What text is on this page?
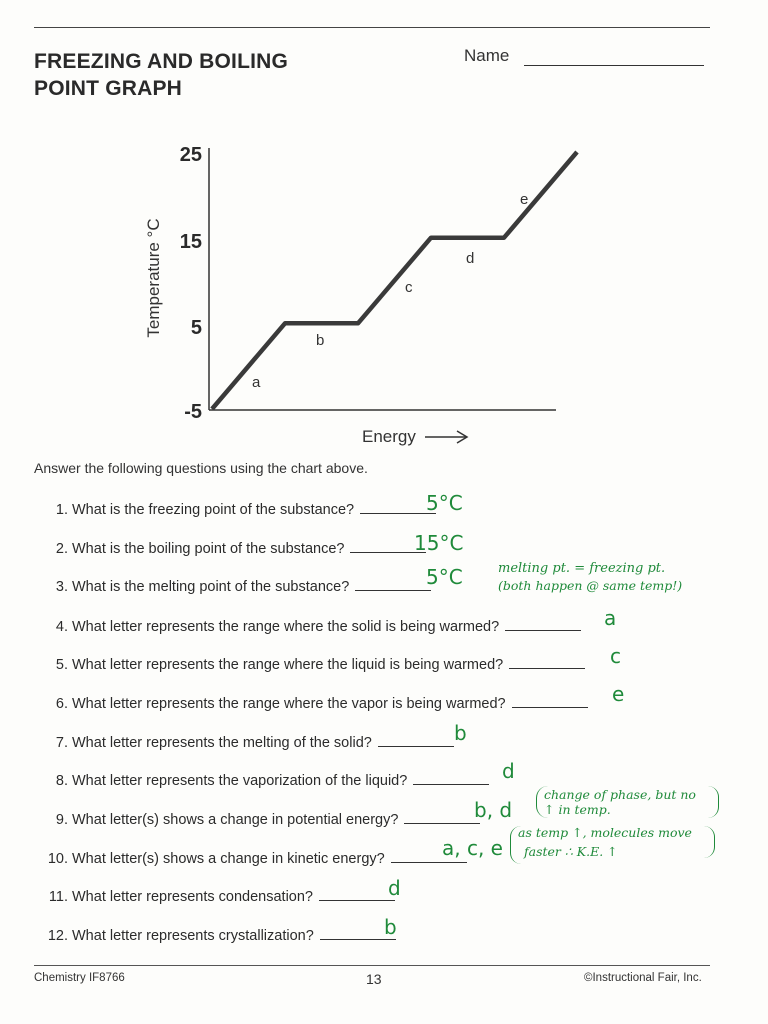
FREEZING AND BOILING
POINT GRAPH
Name
25
15
5
-5
Temperature °C
Energy
a
b
c
d
e
Answer the following questions using the chart above.
1. What is the freezing point of the substance?	5°C
2. What is the boiling point of the substance?	15°C
3. What is the melting point of the substance?	5°C	melting pt. = freezing pt.
(both happen @ same temp!)
4. What letter represents the range where the solid is being warmed?	a
5. What letter represents the range where the liquid is being warmed?	c
6. What letter represents the range where the vapor is being warmed?	e
7. What letter represents the melting of the solid?	b
8. What letter represents the vaporization of the liquid?	d
9. What letter(s) shows a change in potential energy?	b, d
change of phase, but no
↑ in temp.
10. What letter(s) shows a change in kinetic energy?	a, c, e
as temp ↑, molecules move
faster ∴ K.E. ↑
11. What letter represents condensation?	d
12. What letter represents crystallization?	b
Chemistry IF8766	13	©Instructional Fair, Inc.
